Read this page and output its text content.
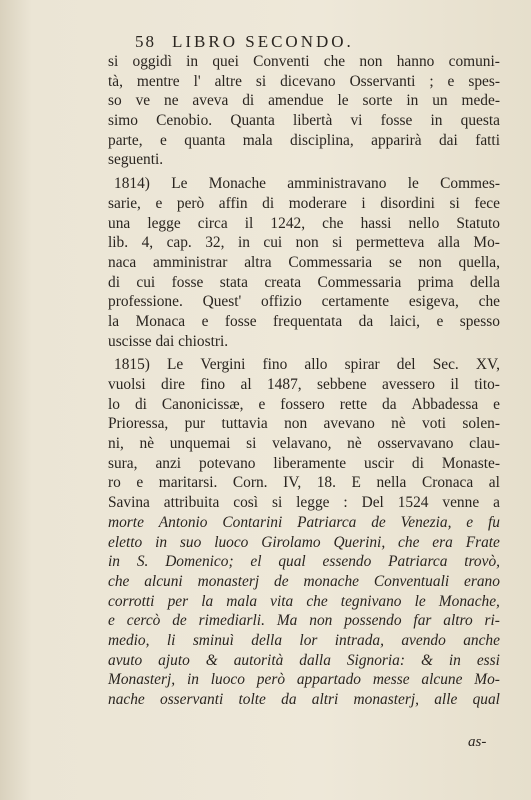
58 LIBRO SECONDO.
si oggidì in quei Conventi che non hanno comuni-
tà, mentre l' altre si dicevano Osservanti ; e spes-
so ve ne aveva di amendue le sorte in un mede-
simo Cenobio. Quanta libertà vi fosse in questa
parte, e quanta mala disciplina, apparirà dai fatti
seguenti.
1814) Le Monache amministravano le Commes-
sarie, e però affin di moderare i disordini si fece
una legge circa il 1242, che hassi nello Statuto
lib. 4, cap. 32, in cui non si permetteva alla Mo-
naca amministrar altra Commessaria se non quella,
di cui fosse stata creata Commessaria prima della
professione. Quest' offizio certamente esigeva, che
la Monaca e fosse frequentata da laici, e spesso
uscisse dai chiostri.
1815) Le Vergini fino allo spirar del Sec. XV,
vuolsi dire fino al 1487, sebbene avessero il tito-
lo di Canonicissæ, e fossero rette da Abbadessa e
Prioressa, pur tuttavia non avevano nè voti solen-
ni, nè unquemai si velavano, nè osservavano clau-
sura, anzi potevano liberamente uscir di Monaste-
ro e maritarsi. Corn. IV, 18. E nella Cronaca al
Savina attribuita così si legge : Del 1524 venne a
morte Antonio Contarini Patriarca de Venezia, e fu
eletto in suo luoco Girolamo Querini, che era Frate
in S. Domenico; el qual essendo Patriarca trovò,
che alcuni monasterj de monache Conventuali erano
corrotti per la mala vita che tegnivano le Monache,
e cercò de rimediarli. Ma non possendo far altro ri-
medio, li sminuì della lor intrada, avendo anche
avuto ajuto & autorità dalla Signoria: & in essi
Monasterj, in luoco però appartado messe alcune Mo-
nache osservanti tolte da altri monasterj, alle qual
as-
